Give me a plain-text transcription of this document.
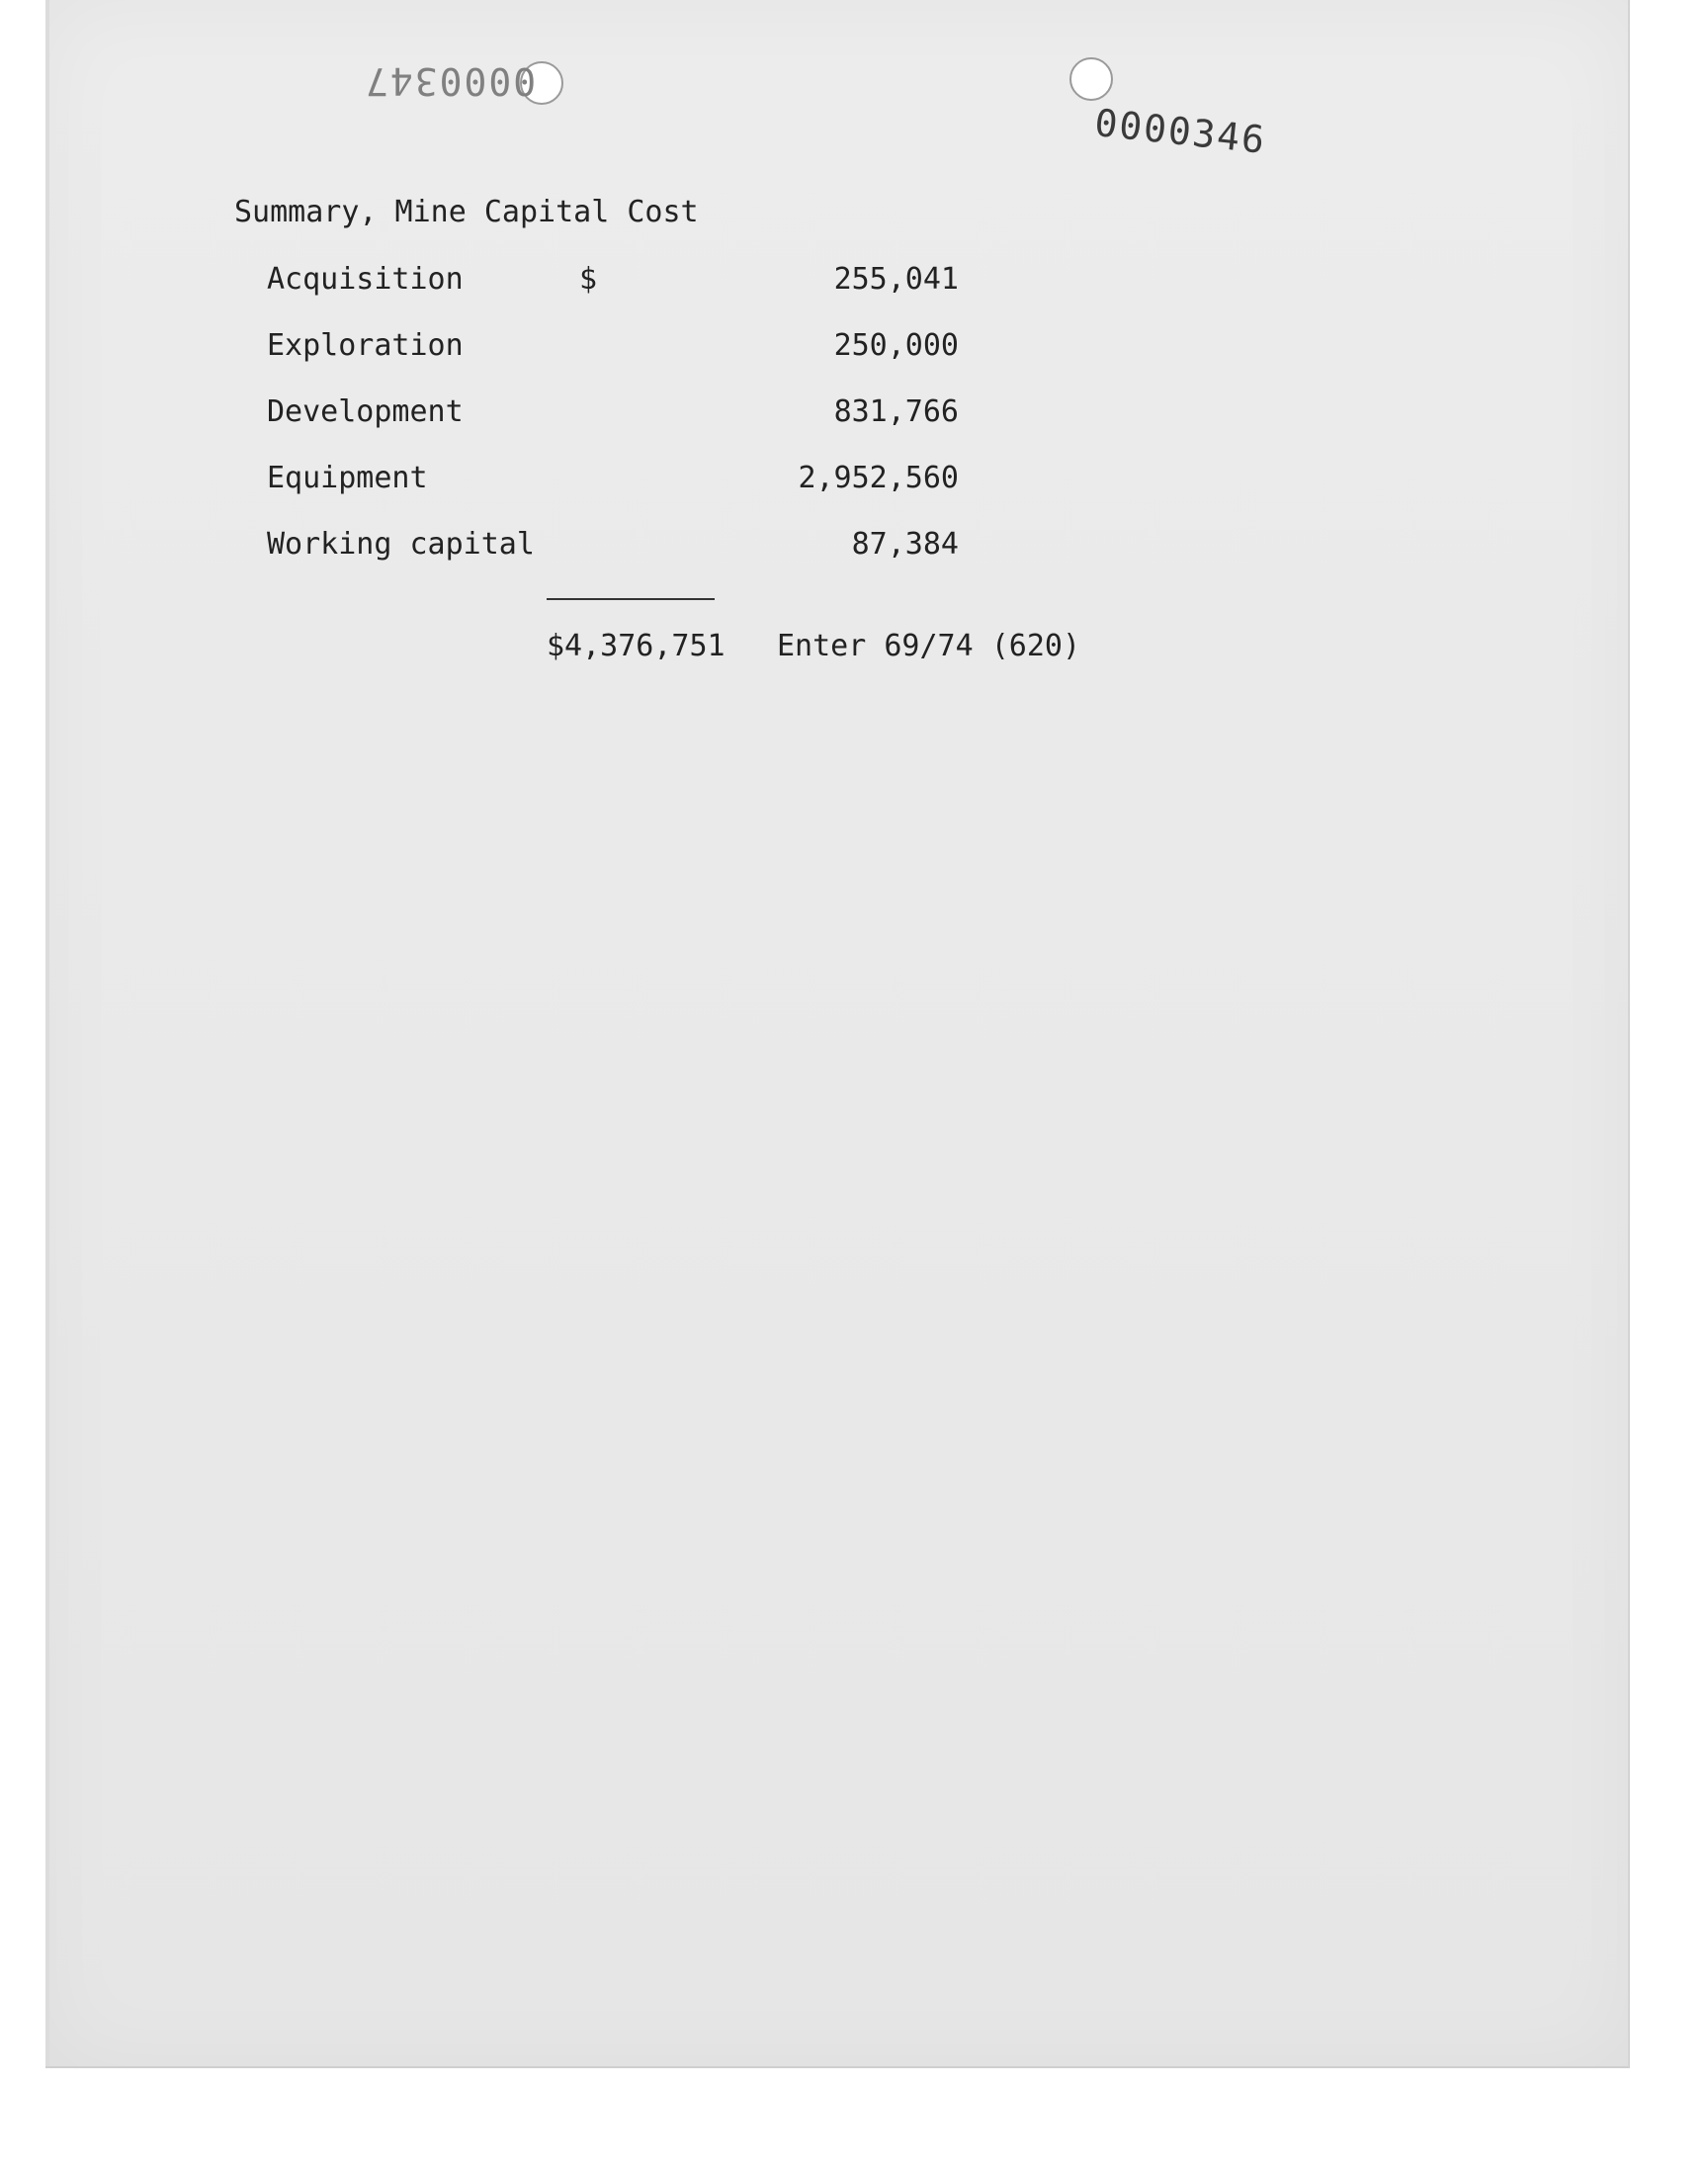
0000347
0000346
Summary, Mine Capital Cost
Acquisition	$	255,041
Exploration	250,000
Development	831,766
Equipment	2,952,560
Working capital	87,384
$4,376,751 Enter 69/74 (620)
